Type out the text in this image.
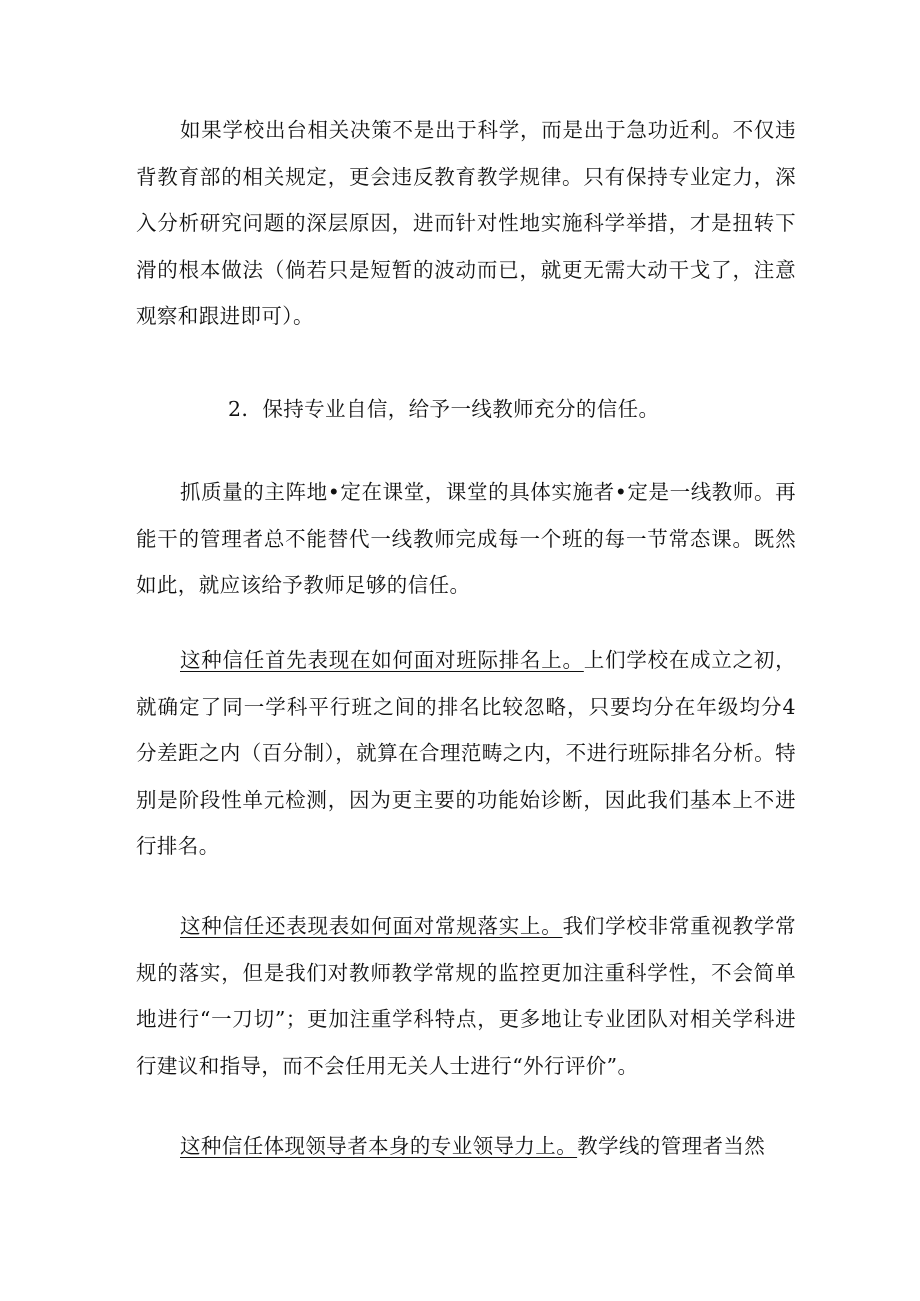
如果学校出台相关决策不是出于科学，而是出于急功近利。不仅违背教育部的相关规定，更会违反教育教学规律。只有保持专业定力，深入分析研究问题的深层原因，进而针对性地实施科学举措，才是扭转下滑的根本做法（倘若只是短暂的波动而已，就更无需大动干戈了，注意观察和跟进即可）。

2．保持专业自信，给予一线教师充分的信任。

抓质量的主阵地•定在课堂，课堂的具体实施者•定是一线教师。再能干的管理者总不能替代一线教师完成每一个班的每一节常态课。既然如此，就应该给予教师足够的信任。

这种信任首先表现在如何面对班际排名上。上们学校在成立之初，就确定了同一学科平行班之间的排名比较忽略，只要均分在年级均分4分差距之内（百分制），就算在合理范畴之内，不进行班际排名分析。特别是阶段性单元检测，因为更主要的功能始诊断，因此我们基本上不进行排名。

这种信任还表现表如何面对常规落实上。我们学校非常重视教学常规的落实，但是我们对教师教学常规的监控更加注重科学性，不会简单地进行“一刀切”；更加注重学科特点，更多地让专业团队对相关学科进行建议和指导，而不会任用无关人士进行“外行评价”。

这种信任体现领导者本身的专业领导力上。教学线的管理者当然
